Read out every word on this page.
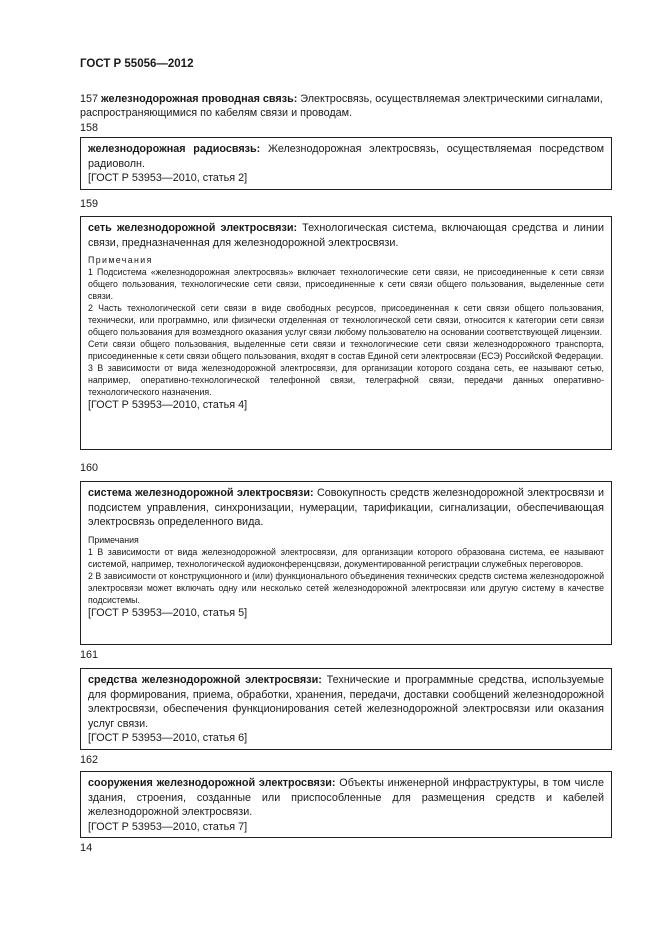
ГОСТ Р 55056—2012

157 железнодорожная проводная связь: Электросвязь, осуществляемая электрическими сигналами, распространяющимися по кабелям связи и проводам.

158

железнодорожная радиосвязь: Железнодорожная электросвязь, осуществляемая посредством радиоволн.

[ГОСТ Р 53953—2010, статья 2]

159

сеть железнодорожной электросвязи: Технологическая система, включающая средства и линии связи, предназначенная для железнодорожной электросвязи.

Примечания

1 Подсистема «железнодорожная электросвязь» включает технологические сети связи, не присоединенные к сети связи общего пользования, технологические сети связи, присоединенные к сети связи общего пользования, выделенные сети связи.

2 Часть технологической сети связи в виде свободных ресурсов, присоединенная к сети связи общего пользования, технически, или программно, или физически отделенная от технологической сети связи, относится к категории сети связи общего пользования для возмездного оказания услуг связи любому пользователю на основании соответствующей лицензии.

Сети связи общего пользования, выделенные сети связи и технологические сети связи железнодорожного транспорта, присоединенные к сети связи общего пользования, входят в состав Единой сети электросвязи (ЕСЭ) Российской Федерации.

3 В зависимости от вида железнодорожной электросвязи, для организации которого создана сеть, ее называют сетью, например, оперативно-технологической телефонной связи, телеграфной связи, передачи данных оперативно-технологического назначения.

[ГОСТ Р 53953—2010, статья 4]

160

система железнодорожной электросвязи: Совокупность средств железнодорожной электросвязи и подсистем управления, синхронизации, нумерации, тарификации, сигнализации, обеспечивающая электросвязь определенного вида.

Примечания

1 В зависимости от вида железнодорожной электросвязи, для организации которого образована система, ее называют системой, например, технологической аудиоконференцсвязи, документированной регистрации служебных переговоров.

2 В зависимости от конструкционного и (или) функционального объединения технических средств система железнодорожной электросвязи может включать одну или несколько сетей железнодорожной электросвязи или другую систему в качестве подсистемы.

[ГОСТ Р 53953—2010, статья 5]

161

средства железнодорожной электросвязи: Технические и программные средства, используемые для формирования, приема, обработки, хранения, передачи, доставки сообщений железнодорожной электросвязи, обеспечения функционирования сетей железнодорожной электросвязи или оказания услуг связи.

[ГОСТ Р 53953—2010, статья 6]

162

сооружения железнодорожной электросвязи: Объекты инженерной инфраструктуры, в том числе здания, строения, созданные или приспособленные для размещения средств и кабелей железнодорожной электросвязи.

[ГОСТ Р 53953—2010, статья 7]

14
